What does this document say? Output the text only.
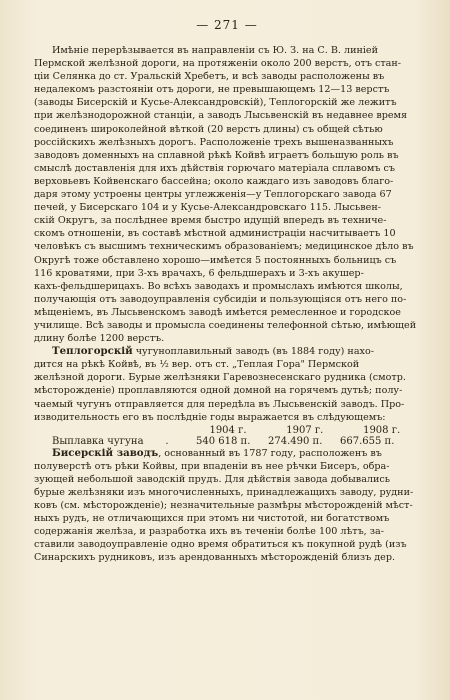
— 271 —
Имѣніе перерѣзывается въ направленіи съ Ю. З. на С. В. линіей
Пермской желѣзной дороги, на протяженіи около 200 верстъ, отъ стан-
ціи Селянка до ст. Уральскій Хребетъ, и всѣ заводы расположены въ
недалекомъ разстояніи отъ дороги, не превышающемъ 12—13 верстъ
(заводы Бисерскій и Кусье-Александровскій), Теплогорскій же лежитъ
при желѣзнодорожной станціи, а заводъ Лысьвенскій въ недавнее время
соединенъ широколейной вѣткой (20 верстъ длины) съ общей сѣтью
россійскихъ желѣзныхъ дорогъ. Расположеніе трехъ вышеназванныхъ
заводовъ доменныхъ на сплавной рѣкѣ Койвѣ играетъ большую роль въ
смыслѣ доставленія для ихъ дѣйствія горючаго матеріала сплавомъ съ
верховьевъ Койвенскаго бассейна; около каждаго изъ заводовъ благо-
даря этому устроены центры углежженія—у Теплогорскаго завода 67
печей, у Бисерскаго 104 и у Кусье-Александровскаго 115. Лысьвен-
скій Округъ, за послѣднее время быстро идущій впередъ въ техниче-
скомъ отношеніи, въ составѣ мѣстной администраціи насчитываетъ 10
человѣкъ съ высшимъ техническимъ образованіемъ; медицинское дѣло въ
Округѣ тоже обставлено хорошо—имѣется 5 постоянныхъ больницъ съ
116 кроватями, при 3-хъ врачахъ, 6 фельдшерахъ и 3-хъ акушер-
кахъ-фельдшерицахъ. Во всѣхъ заводахъ и промыслахъ имѣются школы,
получающія отъ заводоуправленія субсидіи и пользующіяся отъ него по-
мѣщеніемъ, въ Лысьвенскомъ заводѣ имѣется ремесленное и городское
училище. Всѣ заводы и промысла соединены телефонной сѣтью, имѣющей
длину болѣе 1200 верстъ.
Теплогорскій чугуноплавильный заводъ (въ 1884 году) нахо-
дится на рѣкѣ Койвѣ, въ ½ вер. отъ ст. „Теплая Гора" Пермской
желѣзной дороги. Бурые желѣзняки Гаревознесенскаго рудника (смотр.
мѣсторожденіе) проплавляются одной домной на горячемъ дутьѣ; полу-
чаемый чугунъ отправляется для передѣла въ Лысьвенскій заводъ. Про-
изводительность его въ послѣдніе годы выражается въ слѣдующемъ:
1904 г.	1907 г.	1908 г.
Выплавка чугуна	.	540 618 п.	274.490 п.	667.655 п.
Бисерскій заводъ, основанный въ 1787 году, расположенъ въ
полуверстѣ отъ рѣки Койвы, при впаденіи въ нее рѣчки Бисеръ, обра-
зующей небольшой заводскій прудъ. Для дѣйствія завода добывались
бурые желѣзняки изъ многочисленныхъ, принадлежащихъ заводу, рудни-
ковъ (см. мѣсторожденіе); незначительные размѣры мѣсторожденій мѣст-
ныхъ рудъ, не отличающихся при этомъ ни чистотой, ни богатствомъ
содержанія желѣза, и разработка ихъ въ теченіи болѣе 100 лѣтъ, за-
ставили заводоуправленіе одно время обратиться къ покупной рудѣ (изъ
Синарскихъ рудниковъ, изъ арендованныхъ мѣсторожденій близъ дер.
